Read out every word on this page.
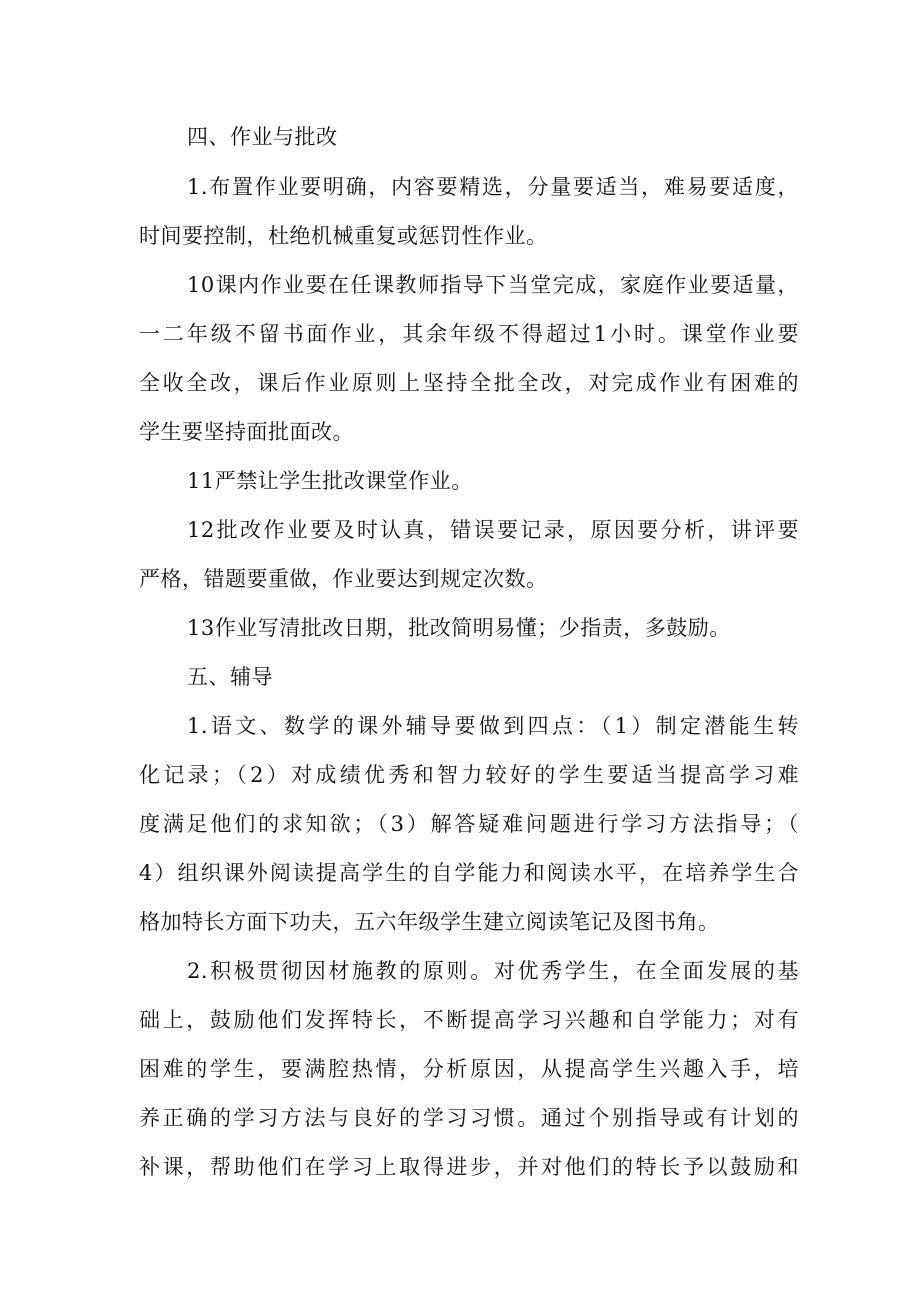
四、作业与批改
1.布置作业要明确，内容要精选，分量要适当，难易要适度，
时间要控制，杜绝机械重复或惩罚性作业。
10课内作业要在任课教师指导下当堂完成，家庭作业要适量，
一二年级不留书面作业，其余年级不得超过1小时。课堂作业要
全收全改，课后作业原则上坚持全批全改，对完成作业有困难的
学生要坚持面批面改。
11严禁让学生批改课堂作业。
12批改作业要及时认真，错误要记录，原因要分析，讲评要
严格，错题要重做，作业要达到规定次数。
13作业写清批改日期，批改简明易懂；少指责，多鼓励。
五、辅导
1.语文、数学的课外辅导要做到四点：（1）制定潜能生转
化记录；（2）对成绩优秀和智力较好的学生要适当提高学习难
度满足他们的求知欲；（3）解答疑难问题进行学习方法指导；（
4）组织课外阅读提高学生的自学能力和阅读水平，在培养学生合
格加特长方面下功夫，五六年级学生建立阅读笔记及图书角。
2.积极贯彻因材施教的原则。对优秀学生，在全面发展的基
础上，鼓励他们发挥特长，不断提高学习兴趣和自学能力；对有
困难的学生，要满腔热情，分析原因，从提高学生兴趣入手，培
养正确的学习方法与良好的学习习惯。通过个别指导或有计划的
补课，帮助他们在学习上取得进步，并对他们的特长予以鼓励和
